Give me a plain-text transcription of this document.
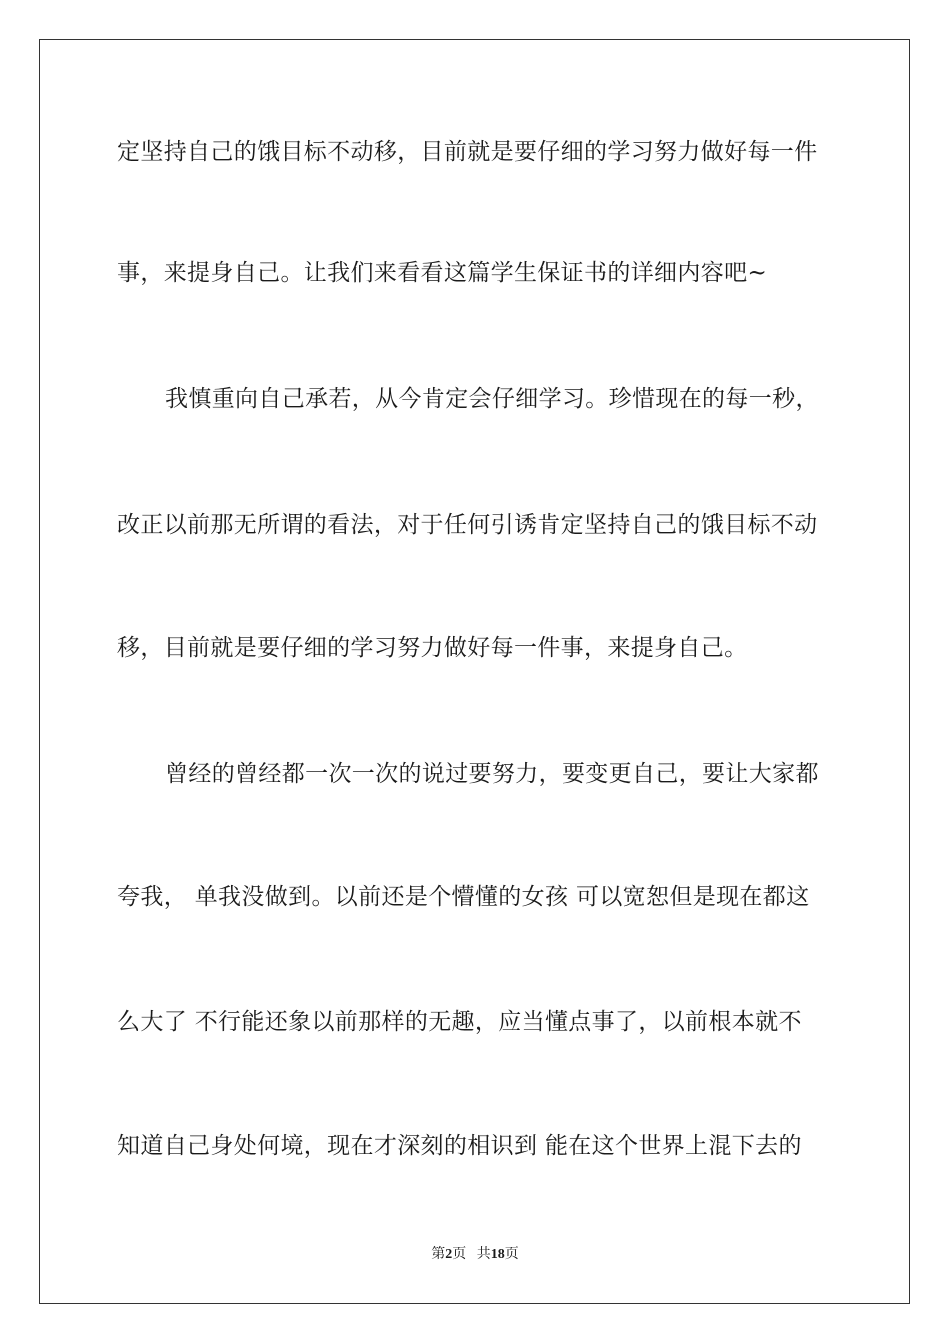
定坚持自己的饿目标不动移，目前就是要仔细的学习努力做好每一件

事，来提身自己。让我们来看看这篇学生保证书的详细内容吧~

我慎重向自己承若，从今肯定会仔细学习。珍惜现在的每一秒，

改正以前那无所谓的看法，对于任何引诱肯定坚持自己的饿目标不动

移，目前就是要仔细的学习努力做好每一件事，来提身自己。

曾经的曾经都一次一次的说过要努力，要变更自己，要让大家都

夸我， 单我没做到。以前还是个懵懂的女孩 可以宽恕但是现在都这

么大了 不行能还象以前那样的无趣，应当懂点事了，以前根本就不

知道自己身处何境，现在才深刻的相识到 能在这个世界上混下去的

第2页 共18页
